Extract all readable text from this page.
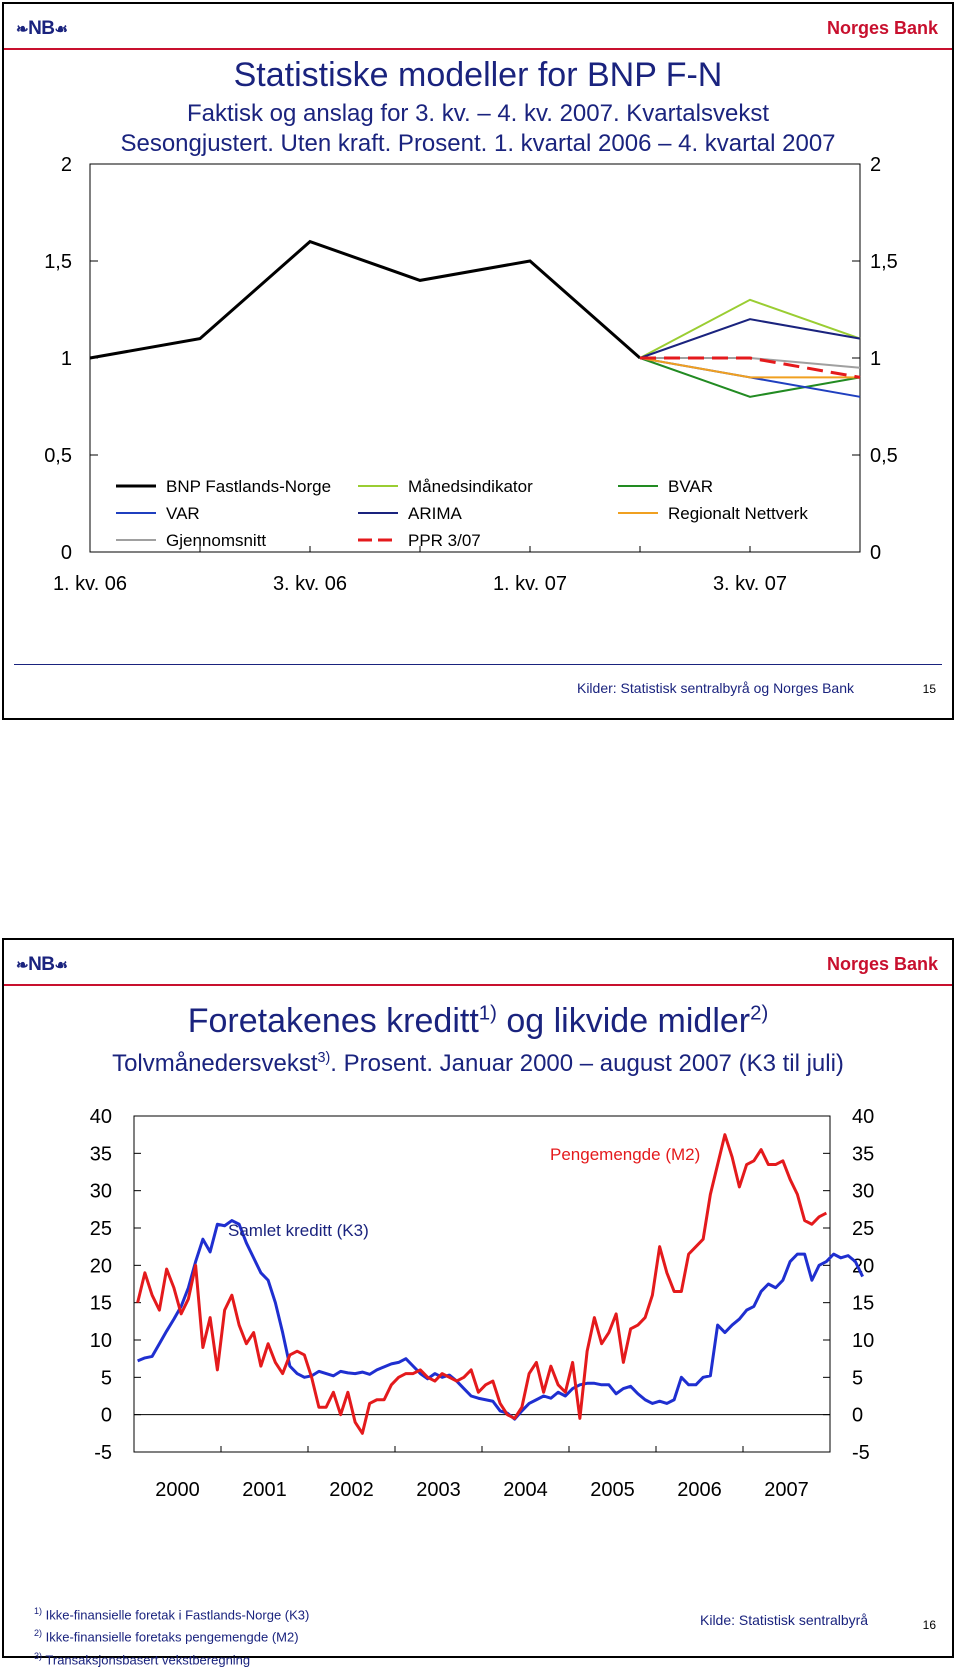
❧NB☙	Norges Bank
Statistiske modeller for BNP F-N
Faktisk og anslag for 3. kv. – 4. kv. 2007. Kvartalsvekst
Sesongjustert. Uten kraft. Prosent. 1. kvartal 2006 – 4. kvartal 2007
0	0
0,5	0,5
1	1
1,5	1,5
2	2
1. kv. 06	3. kv. 06	1. kv. 07	3. kv. 07
BNP Fastlands-Norge	Månedsindikator	BVAR
VAR	ARIMA	Regionalt Nettverk
Gjennomsnitt	PPR 3/07
Kilder: Statistisk sentralbyrå og Norges Bank	15
❧NB☙	Norges Bank
Foretakenes kreditt$^{1)}$ og likvide midler$^{2)}$
Tolvmånedersvekst$^{3)}$. Prosent. Januar 2000 – august 2007 (K3 til juli)
-5	-5
0	0
5	5
10	10
15	15
20	20
25	25
30	30
35	35
40	40
2000 2001 2002 2003 2004 2005 2006 2007
Samlet kreditt (K3)
Pengemengde (M2)
$^{1)}$ Ikke-finansielle foretak i Fastlands-Norge (K3)
$^{2)}$ Ikke-finansielle foretaks pengemengde (M2)
$^{3)}$ Transaksjonsbasert vekstberegning
Kilde: Statistisk sentralbyrå	16
